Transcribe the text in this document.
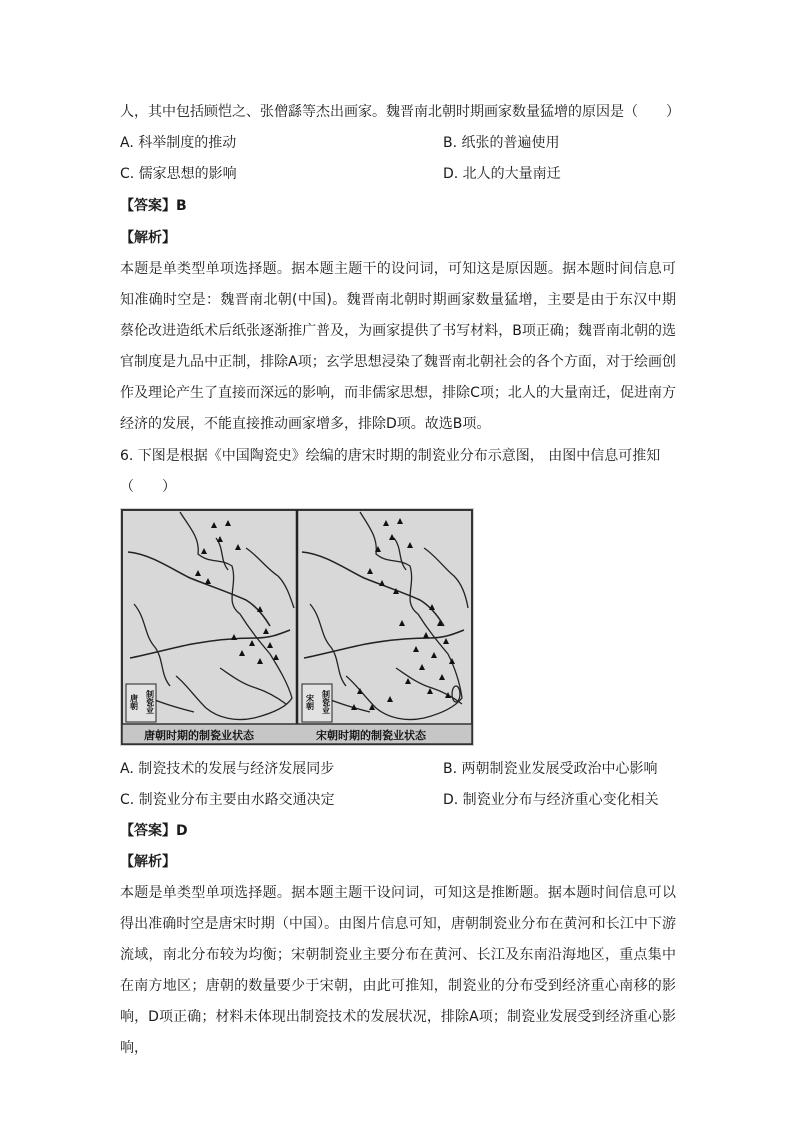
人，其中包括顾恺之、张僧繇等杰出画家。魏晋南北朝时期画家数量猛增的原因是（　　）
A. 科举制度的推动	B. 纸张的普遍使用
C. 儒家思想的影响	D. 北人的大量南迁
【答案】B
【解析】
本题是单类型单项选择题。据本题主题干的设问词，可知这是原因题。据本题时间信息可知准确时空是：魏晋南北朝(中国)。魏晋南北朝时期画家数量猛增，主要是由于东汉中期蔡伦改进造纸术后纸张逐渐推广普及，为画家提供了书写材料，B项正确；魏晋南北朝的选官制度是九品中正制，排除A项；玄学思想浸染了魏晋南北朝社会的各个方面，对于绘画创作及理论产生了直接而深远的影响，而非儒家思想，排除C项；北人的大量南迁，促进南方经济的发展，不能直接推动画家增多，排除D项。故选B项。
6. 下图是根据《中国陶瓷史》绘编的唐宋时期的制瓷业分布示意图， 由图中信息可推知
（　　）
制瓷业
唐朝	制瓷业
宋朝
唐朝时期的制瓷业状态	宋朝时期的制瓷业状态
A. 制瓷技术的发展与经济发展同步	B. 两朝制瓷业发展受政治中心影响
C. 制瓷业分布主要由水路交通决定	D. 制瓷业分布与经济重心变化相关
【答案】D
【解析】
本题是单类型单项选择题。据本题主题干设问词，可知这是推断题。据本题时间信息可以得出准确时空是唐宋时期（中国）。由图片信息可知，唐朝制瓷业分布在黄河和长江中下游流域，南北分布较为均衡；宋朝制瓷业主要分布在黄河、长江及东南沿海地区，重点集中在南方地区；唐朝的数量要少于宋朝，由此可推知，制瓷业的分布受到经济重心南移的影响，D项正确；材料未体现出制瓷技术的发展状况，排除A项；制瓷业发展受到经济重心影响，
